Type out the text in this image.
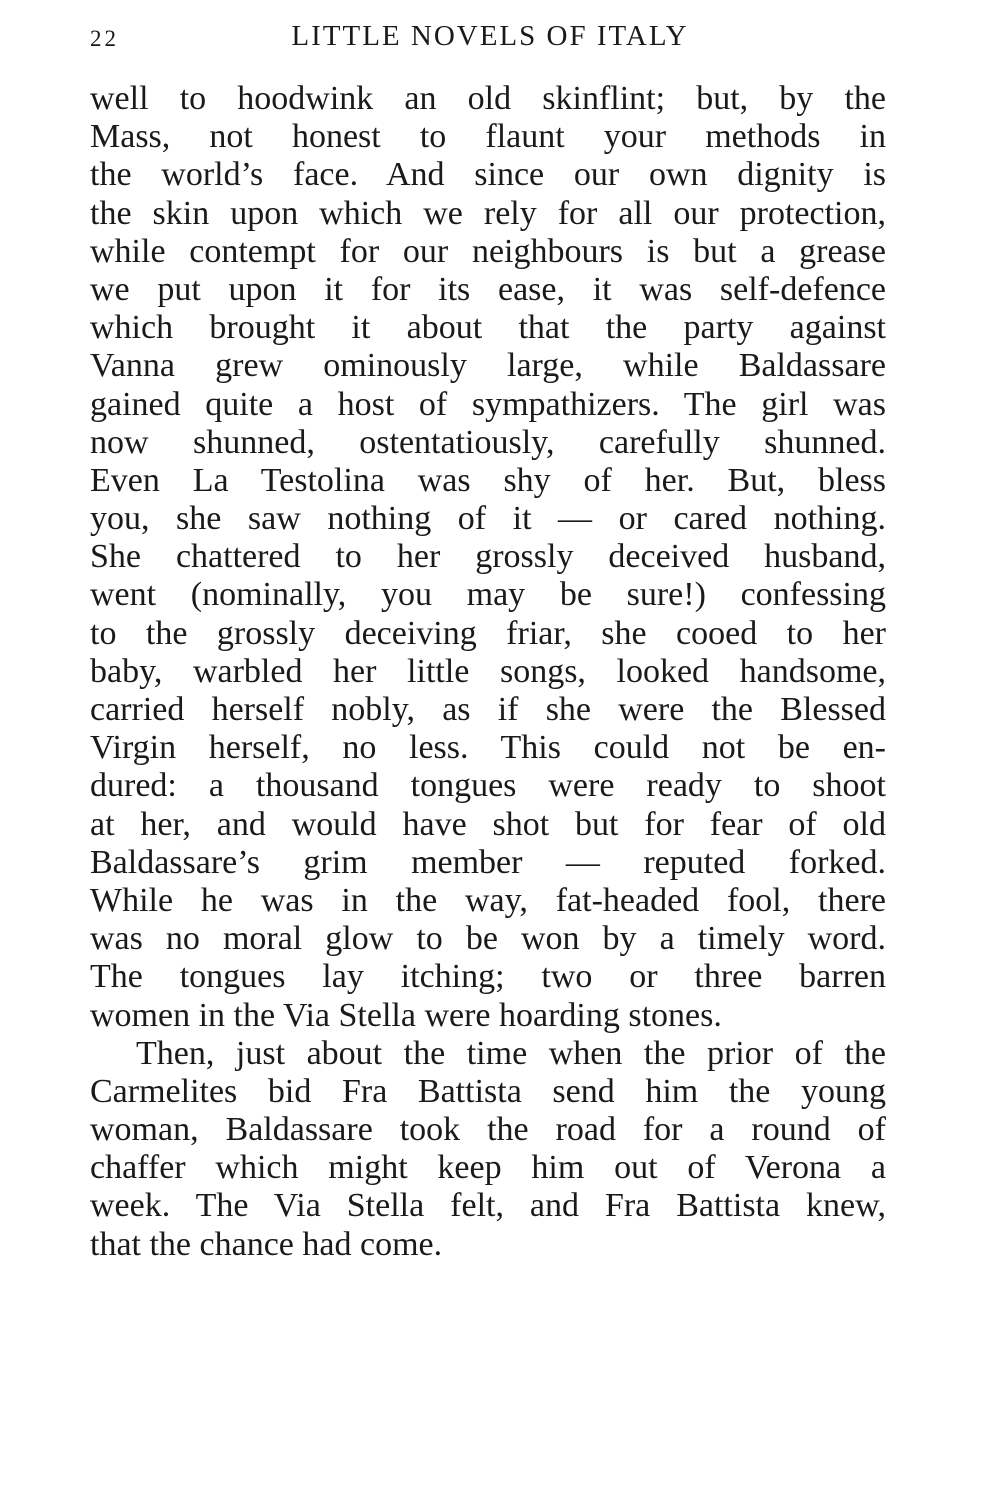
22	LITTLE NOVELS OF ITALY
well to hoodwink an old skinflint; but, by the
Mass, not honest to flaunt your methods in
the world’s face. And since our own dignity is
the skin upon which we rely for all our protection,
while contempt for our neighbours is but a grease
we put upon it for its ease, it was self-defence
which brought it about that the party against
Vanna grew ominously large, while Baldassare
gained quite a host of sympathizers. The girl was
now shunned, ostentatiously, carefully shunned.
Even La Testolina was shy of her. But, bless
you, she saw nothing of it — or cared nothing.
She chattered to her grossly deceived husband,
went (nominally, you may be sure!) confessing
to the grossly deceiving friar, she cooed to her
baby, warbled her little songs, looked handsome,
carried herself nobly, as if she were the Blessed
Virgin herself, no less. This could not be en-
dured: a thousand tongues were ready to shoot
at her, and would have shot but for fear of old
Baldassare’s grim member — reputed forked.
While he was in the way, fat-headed fool, there
was no moral glow to be won by a timely word.
The tongues lay itching; two or three barren
women in the Via Stella were hoarding stones.
Then, just about the time when the prior of the
Carmelites bid Fra Battista send him the young
woman, Baldassare took the road for a round of
chaffer which might keep him out of Verona a
week. The Via Stella felt, and Fra Battista knew,
that the chance had come.
